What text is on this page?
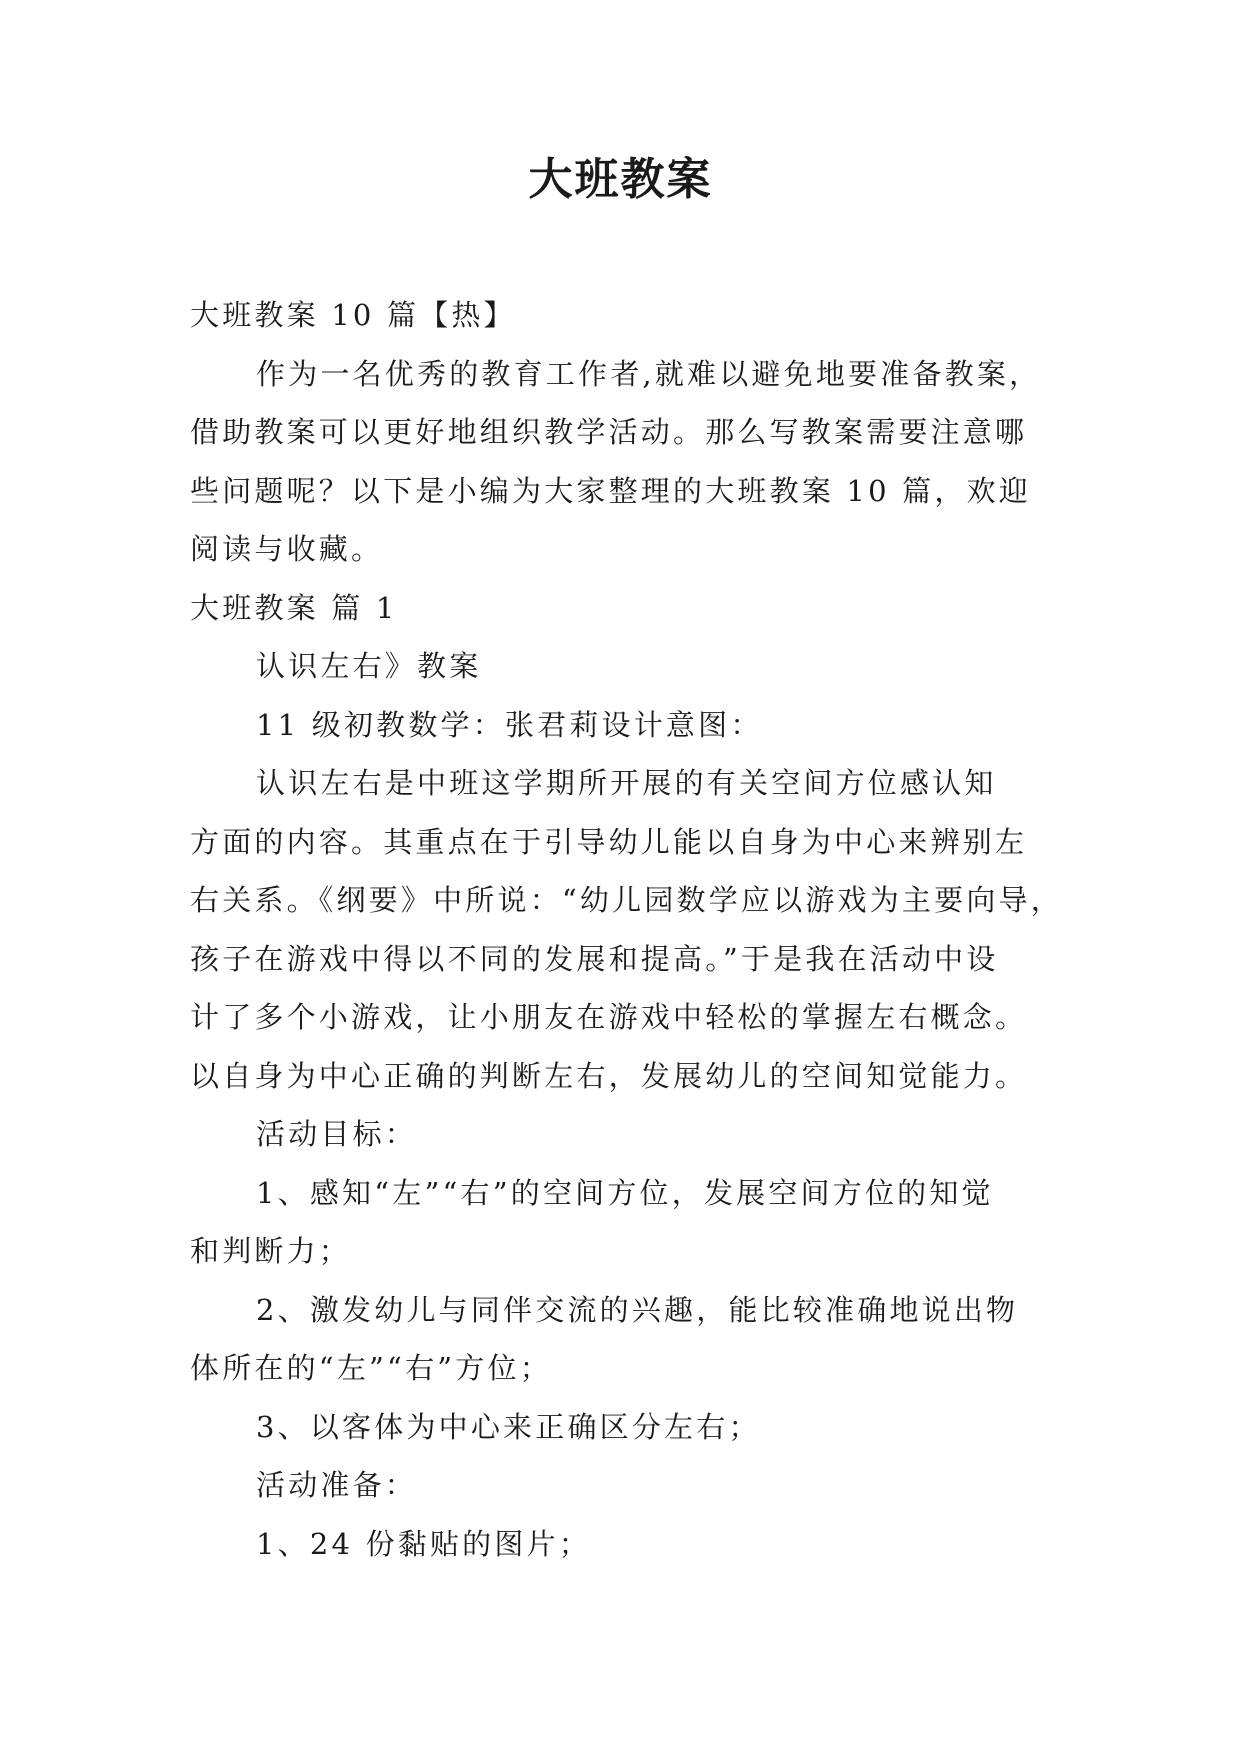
大班教案

大班教案 10 篇【热】

作为一名优秀的教育工作者,就难以避免地要准备教案，

借助教案可以更好地组织教学活动。那么写教案需要注意哪

些问题呢？以下是小编为大家整理的大班教案 10 篇，欢迎

阅读与收藏。

大班教案 篇 1

认识左右》教案

11 级初教数学：张君莉设计意图：

认识左右是中班这学期所开展的有关空间方位感认知

方面的内容。其重点在于引导幼儿能以自身为中心来辨别左

右关系。《纲要》中所说：“幼儿园数学应以游戏为主要向导，

孩子在游戏中得以不同的发展和提高。”于是我在活动中设

计了多个小游戏，让小朋友在游戏中轻松的掌握左右概念。

以自身为中心正确的判断左右，发展幼儿的空间知觉能力。

活动目标：

1、感知“左”“右”的空间方位，发展空间方位的知觉

和判断力；

2、激发幼儿与同伴交流的兴趣，能比较准确地说出物

体所在的“左”“右”方位；

3、以客体为中心来正确区分左右；

活动准备：

1、24 份黏贴的图片；
